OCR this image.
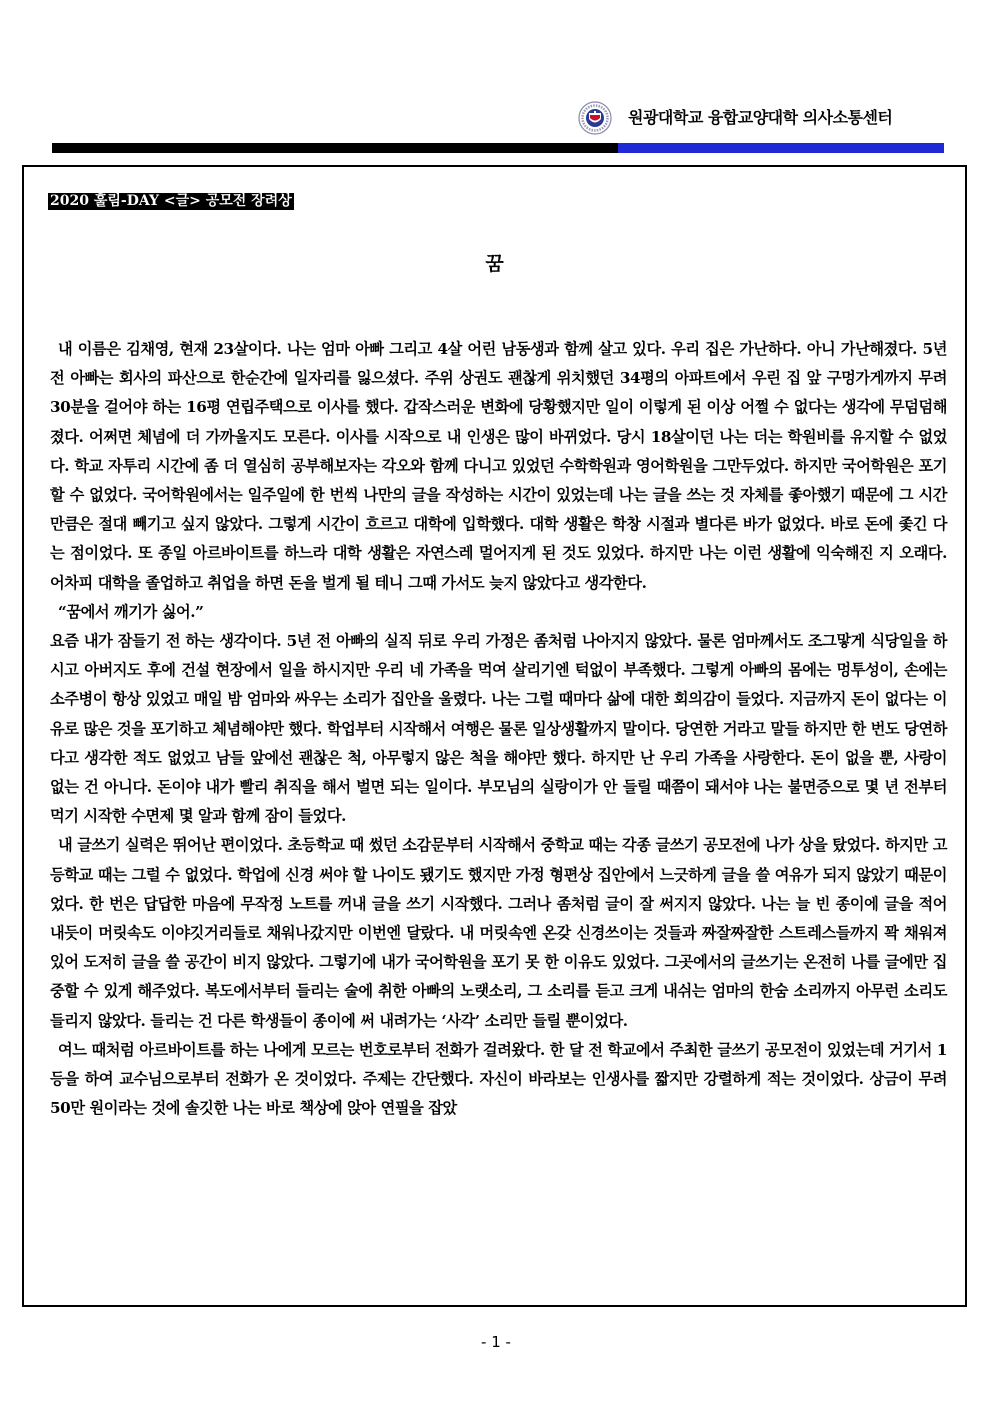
원광대학교 융합교양대학 의사소통센터
2020 훌림-DAY <글> 공모전 장려상
꿈

내 이름은 김채영, 현재 23살이다. 나는 엄마 아빠 그리고 4살 어린 남동생과 함께 살고 있다. 우리 집은 가난하다. 아니 가난해졌다. 5년 전 아빠는 회사의 파산으로 한순간에 일자리를 잃으셨다. 주위 상권도 괜찮게 위치했던 34평의 아파트에서 우린 집 앞 구멍가게까지 무려 30분을 걸어야 하는 16평 연립주택으로 이사를 했다. 갑작스러운 변화에 당황했지만 일이 이렇게 된 이상 어쩔 수 없다는 생각에 무덤덤해졌다. 어쩌면 체념에 더 가까울지도 모른다. 이사를 시작으로 내 인생은 많이 바뀌었다. 당시 18살이던 나는 더는 학원비를 유지할 수 없었다. 학교 자투리 시간에 좀 더 열심히 공부해보자는 각오와 함께 다니고 있었던 수학학원과 영어학원을 그만두었다. 하지만 국어학원은 포기할 수 없었다. 국어학원에서는 일주일에 한 번씩 나만의 글을 작성하는 시간이 있었는데 나는 글을 쓰는 것 자체를 좋아했기 때문에 그 시간만큼은 절대 빼기고 싶지 않았다. 그렇게 시간이 흐르고 대학에 입학했다. 대학 생활은 학창 시절과 별다른 바가 없었다. 바로 돈에 좇긴 다는 점이었다. 또 종일 아르바이트를 하느라 대학 생활은 자연스레 멀어지게 된 것도 있었다. 하지만 나는 이런 생활에 익숙해진 지 오래다. 어차피 대학을 졸업하고 취업을 하면 돈을 벌게 될 테니 그때 가서도 늦지 않았다고 생각한다.

“꿈에서 깨기가 싫어.”

요즘 내가 잠들기 전 하는 생각이다. 5년 전 아빠의 실직 뒤로 우리 가정은 좀처럼 나아지지 않았다. 물론 엄마께서도 조그맣게 식당일을 하시고 아버지도 후에 건설 현장에서 일을 하시지만 우리 네 가족을 먹여 살리기엔 턱없이 부족했다. 그렇게 아빠의 몸에는 멍투성이, 손에는 소주병이 항상 있었고 매일 밤 엄마와 싸우는 소리가 집안을 울렸다. 나는 그럴 때마다 삶에 대한 회의감이 들었다. 지금까지 돈이 없다는 이유로 많은 것을 포기하고 체념해야만 했다. 학업부터 시작해서 여행은 물론 일상생활까지 말이다. 당연한 거라고 말들 하지만 한 번도 당연하다고 생각한 적도 없었고 남들 앞에선 괜찮은 척, 아무렇지 않은 척을 해야만 했다. 하지만 난 우리 가족을 사랑한다. 돈이 없을 뿐, 사랑이 없는 건 아니다. 돈이야 내가 빨리 취직을 해서 벌면 되는 일이다. 부모님의 실랑이가 안 들릴 때쯤이 돼서야 나는 불면증으로 몇 년 전부터 먹기 시작한 수면제 몇 알과 함께 잠이 들었다.

내 글쓰기 실력은 뛰어난 편이었다. 초등학교 때 썼던 소감문부터 시작해서 중학교 때는 각종 글쓰기 공모전에 나가 상을 탔었다. 하지만 고등학교 때는 그럴 수 없었다. 학업에 신경 써야 할 나이도 됐기도 했지만 가정 형편상 집안에서 느긋하게 글을 쓸 여유가 되지 않았기 때문이었다. 한 번은 답답한 마음에 무작정 노트를 꺼내 글을 쓰기 시작했다. 그러나 좀처럼 글이 잘 써지지 않았다. 나는 늘 빈 종이에 글을 적어 내듯이 머릿속도 이야깃거리들로 채워나갔지만 이번엔 달랐다. 내 머릿속엔 온갖 신경쓰이는 것들과 짜잘짜잘한 스트레스들까지 꽉 채워져 있어 도저히 글을 쓸 공간이 비지 않았다. 그렇기에 내가 국어학원을 포기 못 한 이유도 있었다. 그곳에서의 글쓰기는 온전히 나를 글에만 집중할 수 있게 해주었다. 복도에서부터 들리는 술에 취한 아빠의 노랫소리, 그 소리를 듣고 크게 내쉬는 엄마의 한숨 소리까지 아무런 소리도 들리지 않았다. 들리는 건 다른 학생들이 종이에 써 내려가는 ‘사각’ 소리만 들릴 뿐이었다.

여느 때처럼 아르바이트를 하는 나에게 모르는 번호로부터 전화가 걸려왔다. 한 달 전 학교에서 주최한 글쓰기 공모전이 있었는데 거기서 1등을 하여 교수님으로부터 전화가 온 것이었다. 주제는 간단했다. 자신이 바라보는 인생사를 짧지만 강렬하게 적는 것이었다. 상금이 무려 50만 원이라는 것에 솔깃한 나는 바로 책상에 앉아 연필을 잡았

- 1 -
